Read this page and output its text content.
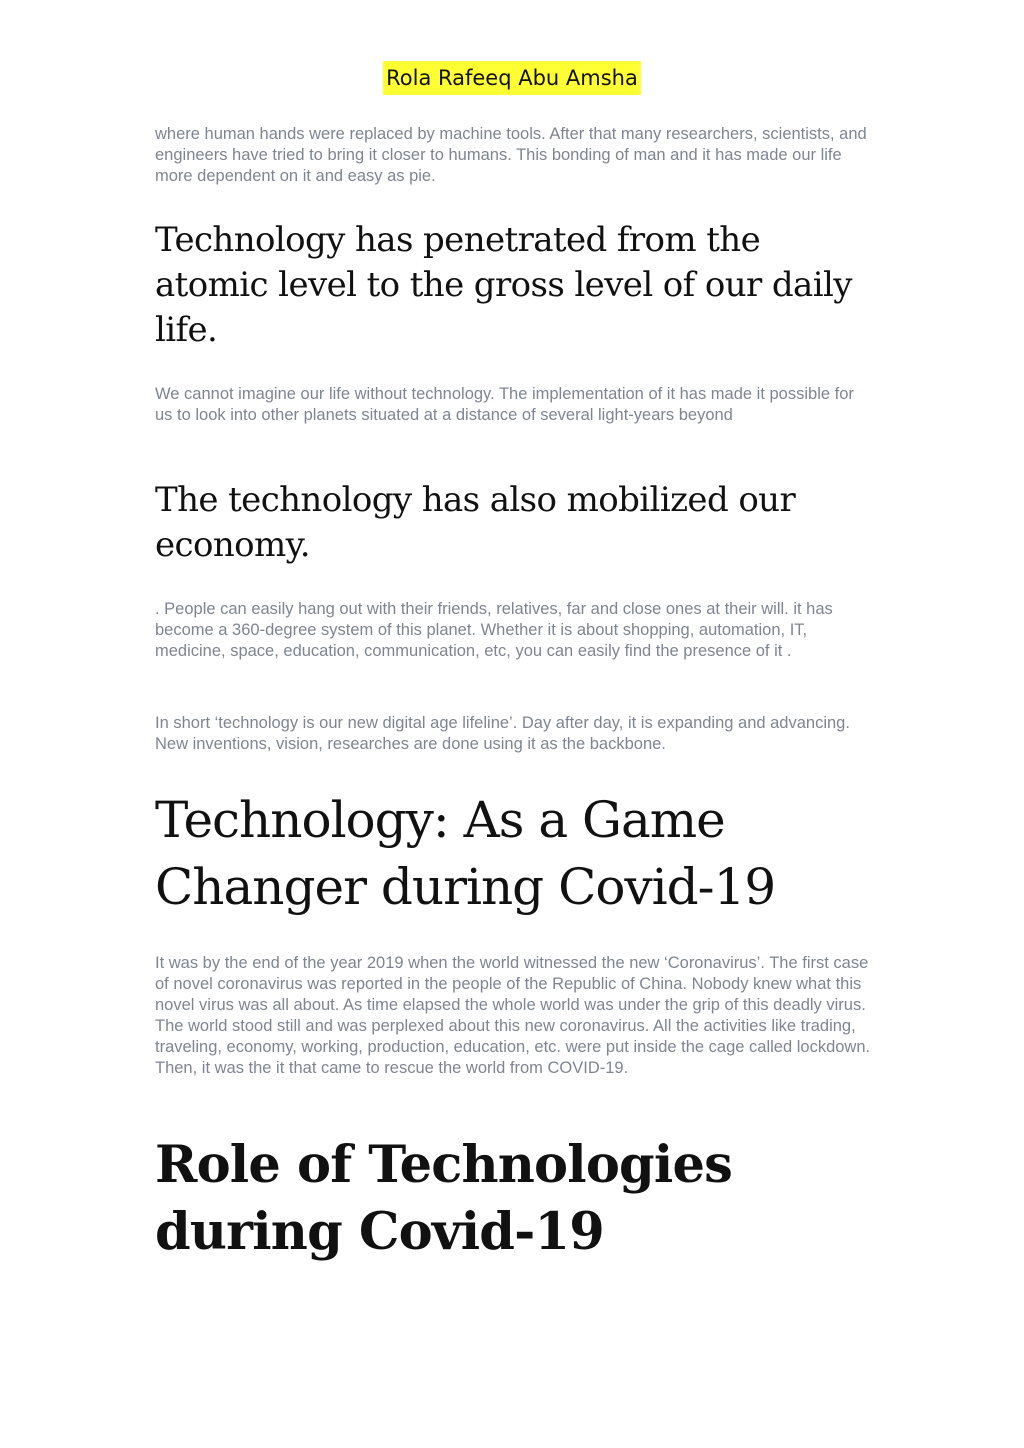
Rola Rafeeq Abu Amsha

where human hands were replaced by machine tools. After that many researchers, scientists, and engineers have tried to bring it closer to humans. This bonding of man and it has made our life more dependent on it and easy as pie.

Technology has penetrated from the atomic level to the gross level of our daily life.

We cannot imagine our life without technology. The implementation of it has made it possible for us to look into other planets situated at a distance of several light-years beyond

The technology has also mobilized our economy.

. People can easily hang out with their friends, relatives, far and close ones at their will. it has become a 360-degree system of this planet. Whether it is about shopping, automation, IT, medicine, space, education, communication, etc, you can easily find the presence of it .

In short ‘technology is our new digital age lifeline’. Day after day, it is expanding and advancing. New inventions, vision, researches are done using it as the backbone.

Technology: As a Game Changer during Covid-19

It was by the end of the year 2019 when the world witnessed the new ‘Coronavirus’. The first case of novel coronavirus was reported in the people of the Republic of China. Nobody knew what this novel virus was all about. As time elapsed the whole world was under the grip of this deadly virus. The world stood still and was perplexed about this new coronavirus. All the activities like trading, traveling, economy, working, production, education, etc. were put inside the cage called lockdown. Then, it was the it that came to rescue the world from COVID-19.

Role of Technologies during Covid-19
